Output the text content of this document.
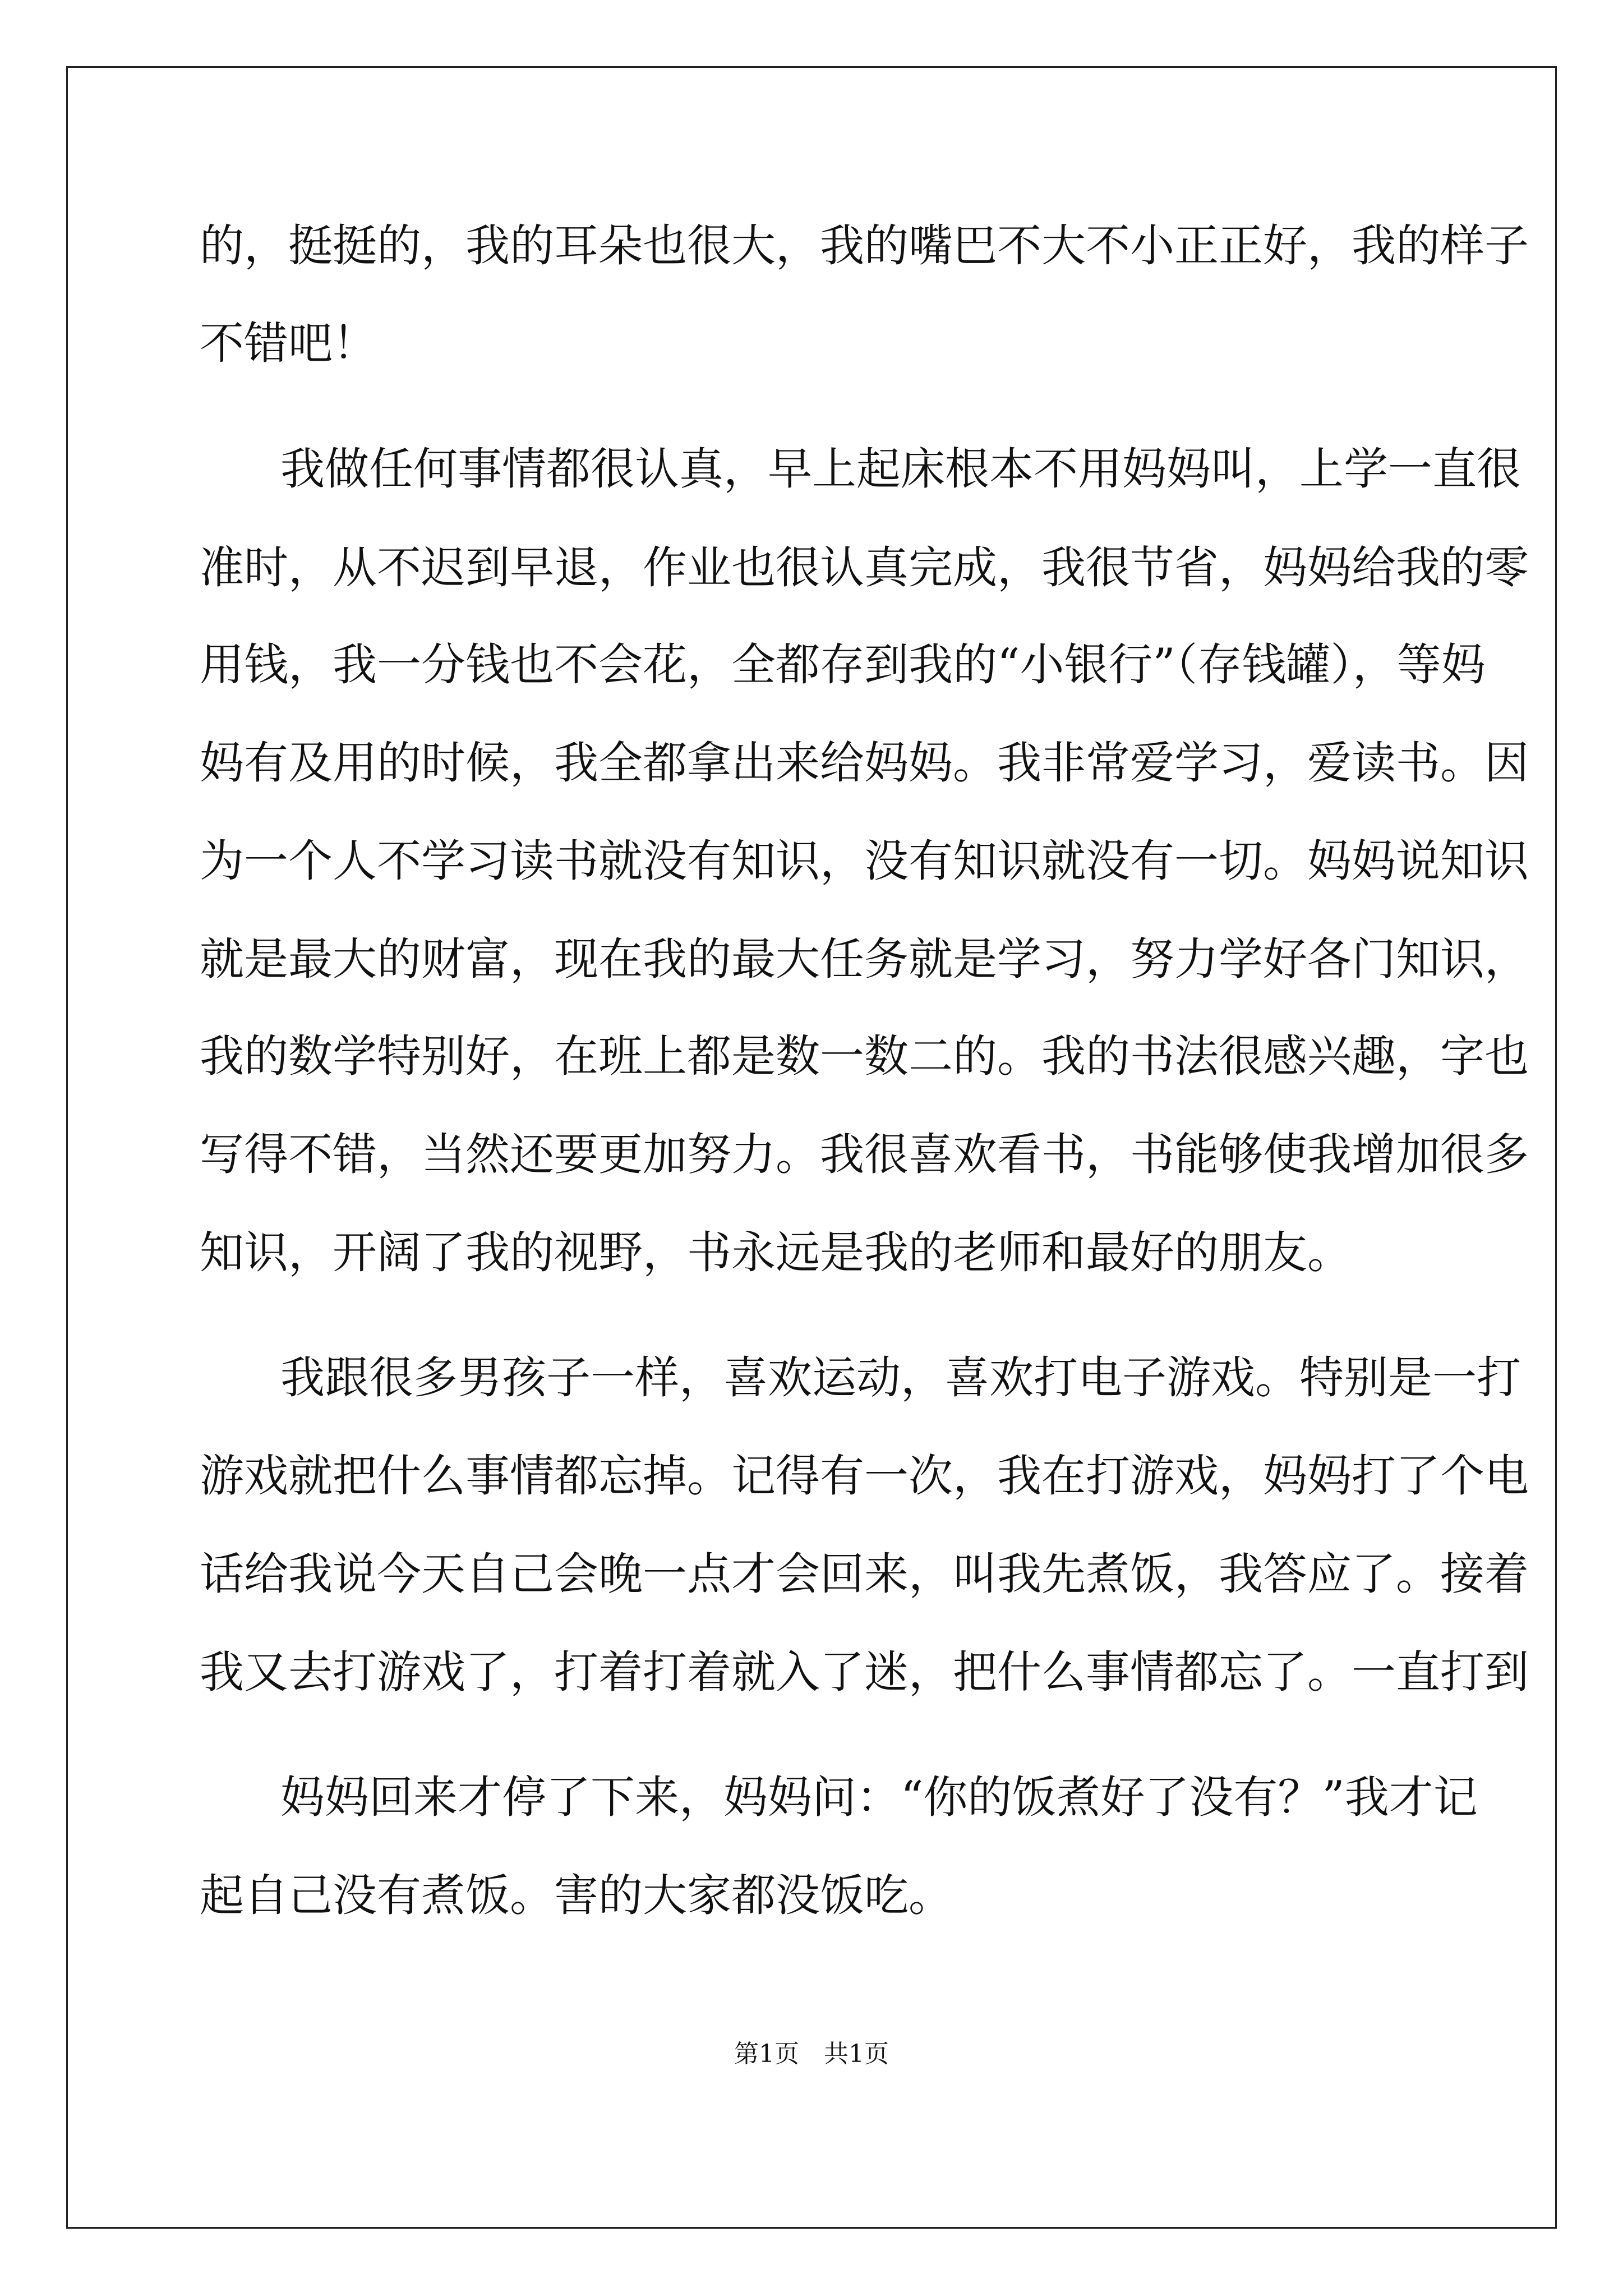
的，挺挺的，我的耳朵也很大，我的嘴巴不大不小正正好，我的样子
不错吧！
我做任何事情都很认真，早上起床根本不用妈妈叫，上学一直很
准时，从不迟到早退，作业也很认真完成，我很节省，妈妈给我的零
用钱，我一分钱也不会花，全都存到我的“小银行”（存钱罐），等妈
妈有及用的时候，我全都拿出来给妈妈。我非常爱学习，爱读书。因
为一个人不学习读书就没有知识，没有知识就没有一切。妈妈说知识
就是最大的财富，现在我的最大任务就是学习，努力学好各门知识，
我的数学特别好，在班上都是数一数二的。我的书法很感兴趣，字也
写得不错，当然还要更加努力。我很喜欢看书，书能够使我增加很多
知识，开阔了我的视野，书永远是我的老师和最好的朋友。
我跟很多男孩子一样，喜欢运动，喜欢打电子游戏。特别是一打
游戏就把什么事情都忘掉。记得有一次，我在打游戏，妈妈打了个电
话给我说今天自己会晚一点才会回来，叫我先煮饭，我答应了。接着
我又去打游戏了，打着打着就入了迷，把什么事情都忘了。一直打到
妈妈回来才停了下来，妈妈问：“你的饭煮好了没有？”我才记
起自己没有煮饭。害的大家都没饭吃。
第1页　共1页
